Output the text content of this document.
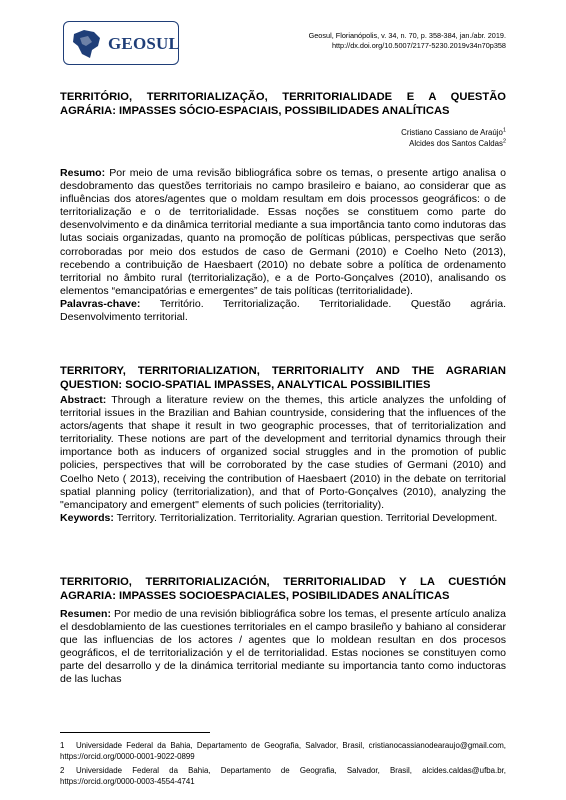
GEOSUL	Geosul, Florianópolis, v. 34, n. 70, p. 358-384, jan./abr. 2019.
http://dx.doi.org/10.5007/2177-5230.2019v34n70p358
TERRITÓRIO, TERRITORIALIZAÇÃO, TERRITORIALIDADE E A QUESTÃO AGRÁRIA: IMPASSES SÓCIO-ESPACIAIS, POSSIBILIDADES ANALÍTICAS
Cristiano Cassiano de Araújo$^1$
Alcides dos Santos Caldas$^2$
Resumo: Por meio de uma revisão bibliográfica sobre os temas, o presente artigo analisa o desdobramento das questões territoriais no campo brasileiro e baiano, ao considerar que as influências dos atores/agentes que o moldam resultam em dois processos geográficos: o de territorialização e o de territorialidade. Essas noções se constituem como parte do desenvolvimento e da dinâmica territorial mediante a sua importância tanto como indutoras das lutas sociais organizadas, quanto na promoção de políticas públicas, perspectivas que serão corroboradas por meio dos estudos de caso de Germani (2010) e Coelho Neto (2013), recebendo a contribuição de Haesbaert (2010) no debate sobre a política de ordenamento territorial no âmbito rural (territorialização), e a de Porto-Gonçalves (2010), analisando os elementos “emancipatórias e emergentes” de tais políticas (territorialidade).
Palavras-chave: Território. Territorialização. Territorialidade. Questão agrária. Desenvolvimento territorial.
TERRITORY, TERRITORIALIZATION, TERRITORIALITY AND THE AGRARIAN QUESTION: SOCIO-SPATIAL IMPASSES, ANALYTICAL POSSIBILITIES
Abstract: Through a literature review on the themes, this article analyzes the unfolding of territorial issues in the Brazilian and Bahian countryside, considering that the influences of the actors/agents that shape it result in two geographic processes, that of territorialization and territoriality. These notions are part of the development and territorial dynamics through their importance both as inducers of organized social struggles and in the promotion of public policies, perspectives that will be corroborated by the case studies of Germani (2010) and Coelho Neto ( 2013), receiving the contribution of Haesbaert (2010) in the debate on territorial spatial planning policy (territorialization), and that of Porto-Gonçalves (2010), analyzing the "emancipatory and emergent" elements of such policies (territoriality).
Keywords: Territory. Territorialization. Territoriality. Agrarian question. Territorial Development.
TERRITORIO, TERRITORIALIZACIÓN, TERRITORIALIDAD Y LA CUESTIÓN AGRARIA: IMPASSES SOCIOESPACIALES, POSIBILIDADES ANALÍTICAS
Resumen: Por medio de una revisión bibliográfica sobre los temas, el presente artículo analiza el desdoblamiento de las cuestiones territoriales en el campo brasileño y bahiano al considerar que las influencias de los actores / agentes que lo moldean resultan en dos procesos geográficos, el de territorialización y el de territorialidad. Estas nociones se constituyen como parte del desarrollo y de la dinámica territorial mediante su importancia tanto como inductoras de las luchas
1 Universidade Federal da Bahia, Departamento de Geografia, Salvador, Brasil, cristianocassianodearaujo@gmail.com, https://orcid.org/0000-0001-9022-0899
2 Universidade Federal da Bahia, Departamento de Geografia, Salvador, Brasil, alcides.caldas@ufba.br, https://orcid.org/0000-0003-4554-4741
